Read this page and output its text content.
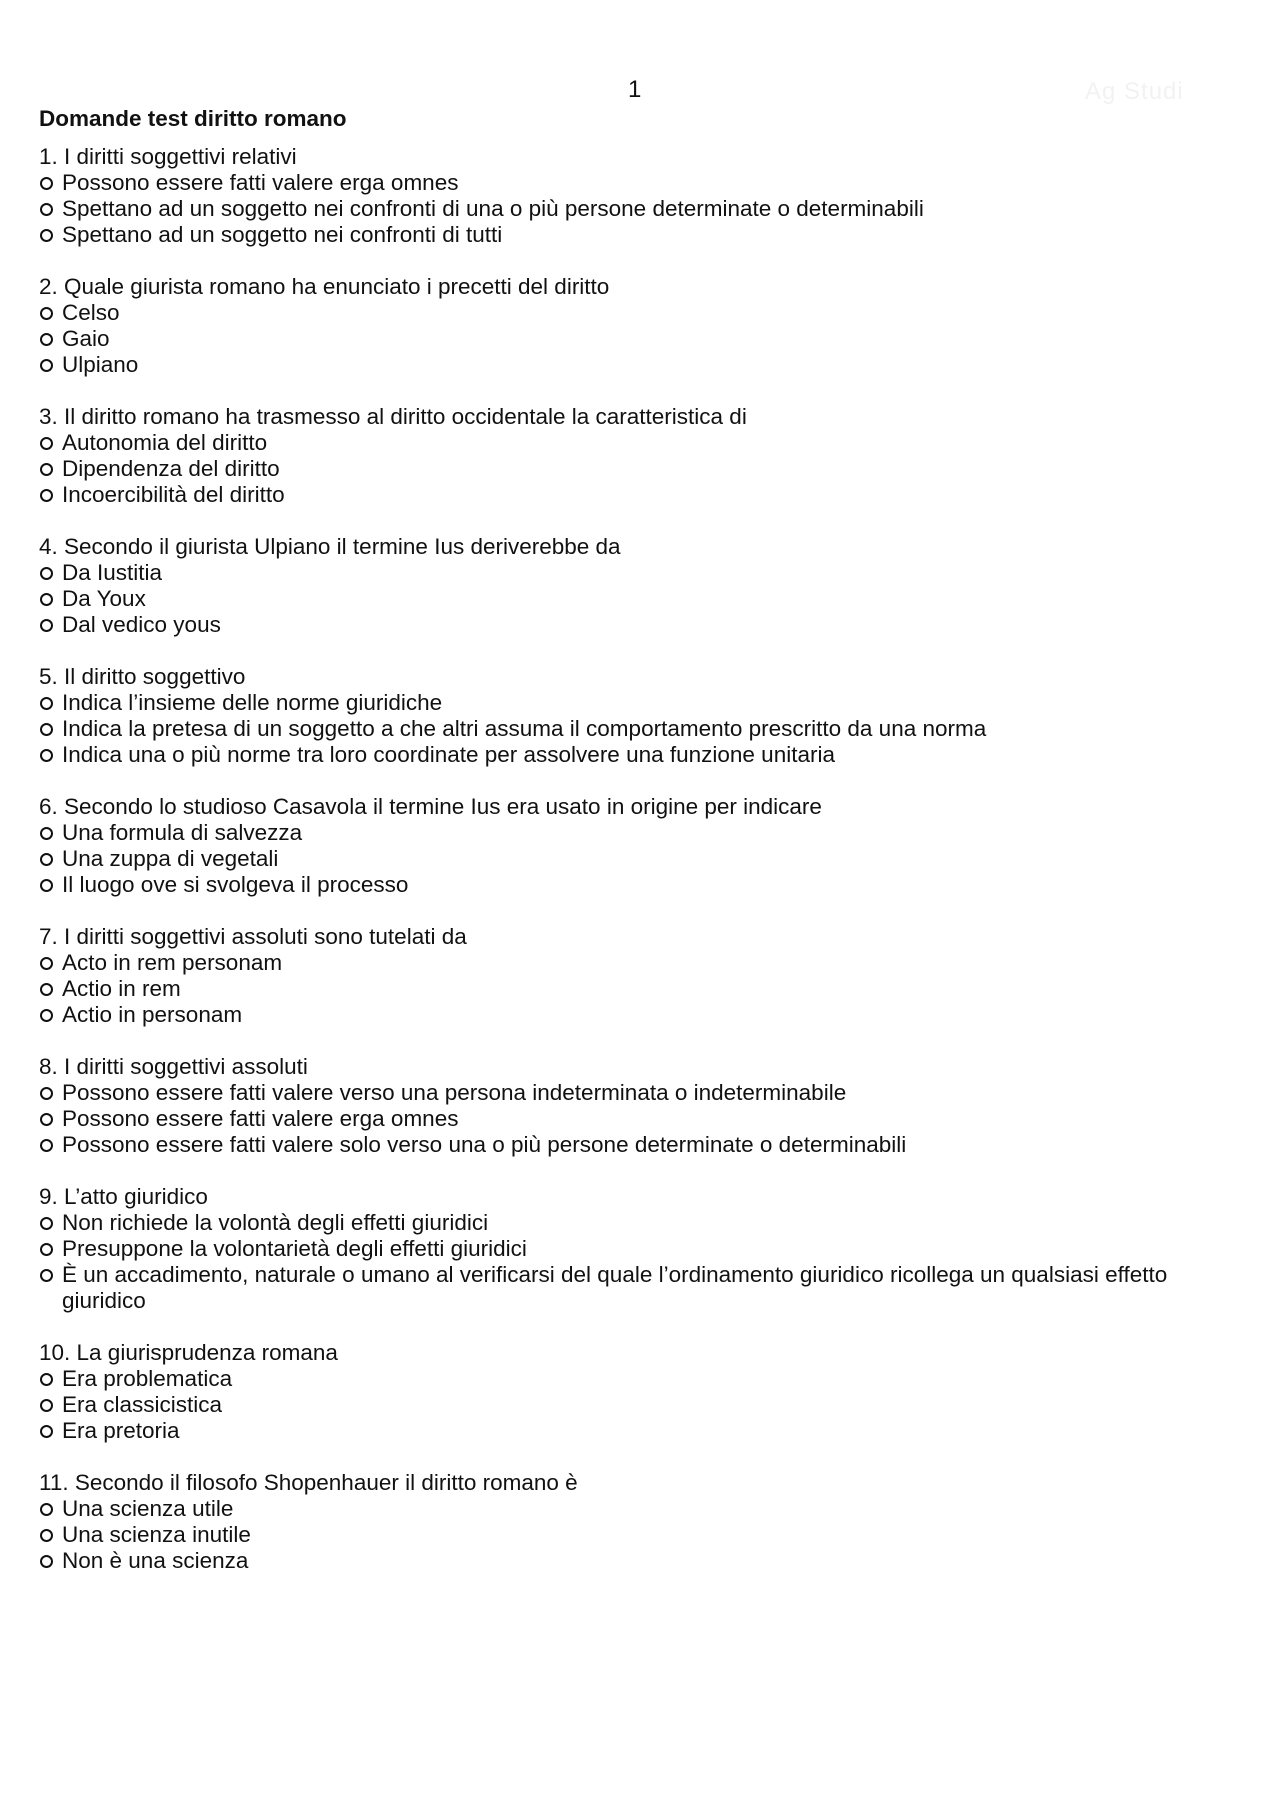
1	Ag Studi
Domande test diritto romano
1. I diritti soggettivi relativi
Possono essere fatti valere erga omnes
Spettano ad un soggetto nei confronti di una o più persone determinate o determinabili
Spettano ad un soggetto nei confronti di tutti
2. Quale giurista romano ha enunciato i precetti del diritto
Celso
Gaio
Ulpiano
3. Il diritto romano ha trasmesso al diritto occidentale la caratteristica di
Autonomia del diritto
Dipendenza del diritto
Incoercibilità del diritto
4. Secondo il giurista Ulpiano il termine Ius deriverebbe da
Da Iustitia
Da Youx
Dal vedico yous
5. Il diritto soggettivo
Indica l’insieme delle norme giuridiche
Indica la pretesa di un soggetto a che altri assuma il comportamento prescritto da una norma
Indica una o più norme tra loro coordinate per assolvere una funzione unitaria
6. Secondo lo studioso Casavola il termine Ius era usato in origine per indicare
Una formula di salvezza
Una zuppa di vegetali
Il luogo ove si svolgeva il processo
7. I diritti soggettivi assoluti sono tutelati da
Acto in rem personam
Actio in rem
Actio in personam
8. I diritti soggettivi assoluti
Possono essere fatti valere verso una persona indeterminata o indeterminabile
Possono essere fatti valere erga omnes
Possono essere fatti valere solo verso una o più persone determinate o determinabili
9. L’atto giuridico
Non richiede la volontà degli effetti giuridici
Presuppone la volontarietà degli effetti giuridici
È un accadimento, naturale o umano al verificarsi del quale l’ordinamento giuridico ricollega un qualsiasi effetto giuridico
10. La giurisprudenza romana
Era problematica
Era classicistica
Era pretoria
11. Secondo il filosofo Shopenhauer il diritto romano è
Una scienza utile
Una scienza inutile
Non è una scienza
